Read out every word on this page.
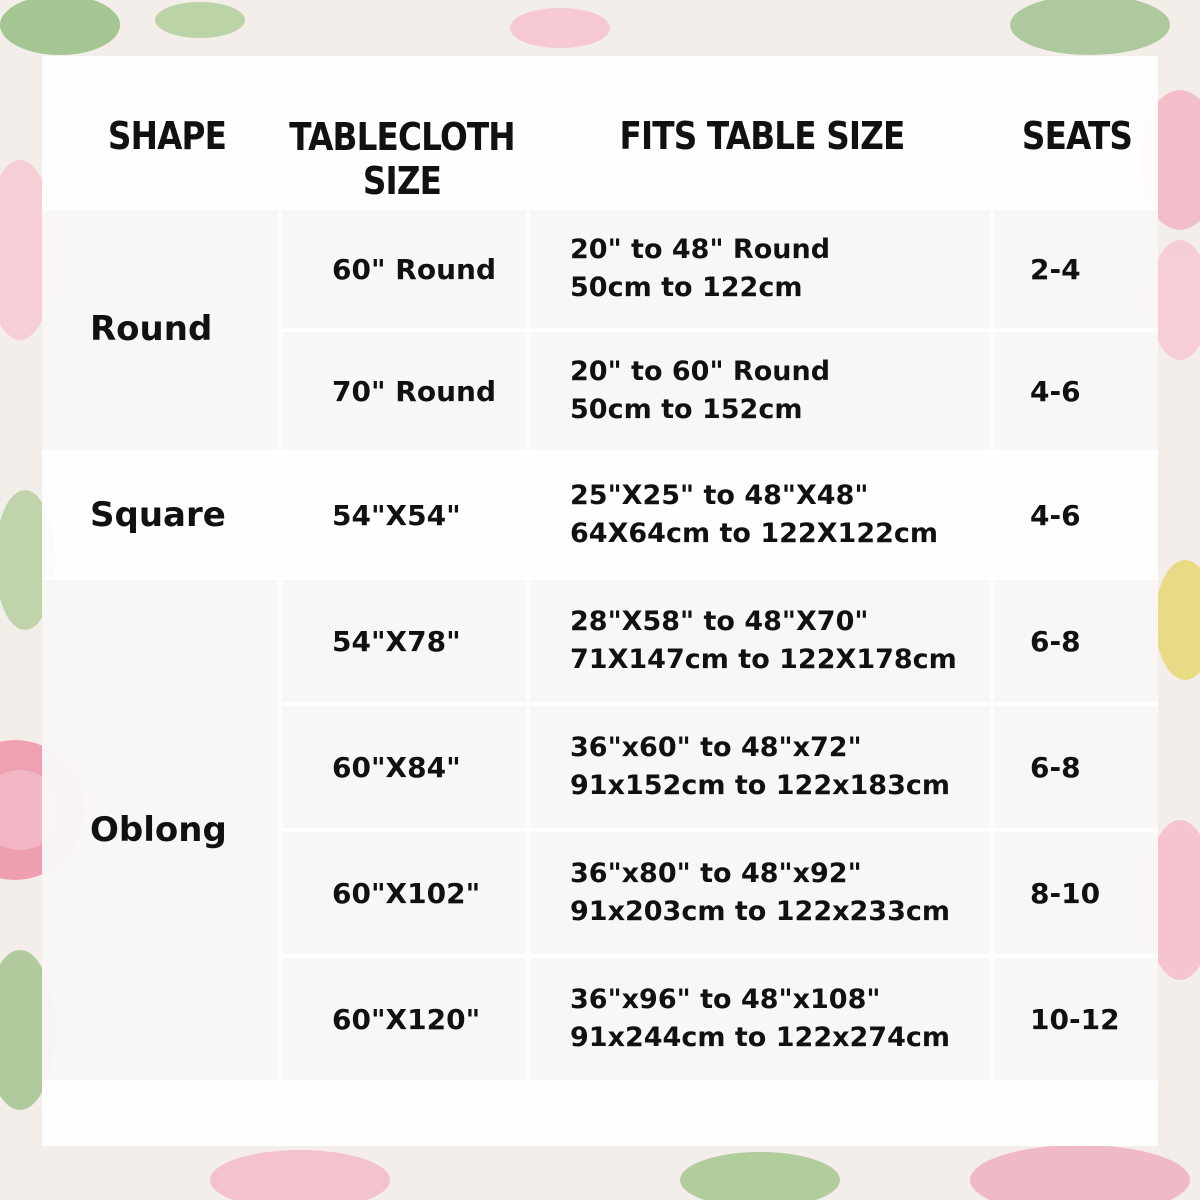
SHAPE TABLECLOTH
SIZE
FITS TABLE SIZE	SEATS
Round
Square
Oblong
60" Round
20" to 48" Round
50cm to 122cm
2-4
70" Round
20" to 60" Round
50cm to 152cm
4-6
54"X54"
25"X25" to 48"X48"
64X64cm to 122X122cm
4-6
54"X78"
28"X58" to 48"X70"
71X147cm to 122X178cm
6-8
60"X84"
36"x60" to 48"x72"
91x152cm to 122x183cm
6-8
60"X102"
36"x80" to 48"x92"
91x203cm to 122x233cm
8-10
60"X120"
36"x96" to 48"x108"
91x244cm to 122x274cm
10-12
